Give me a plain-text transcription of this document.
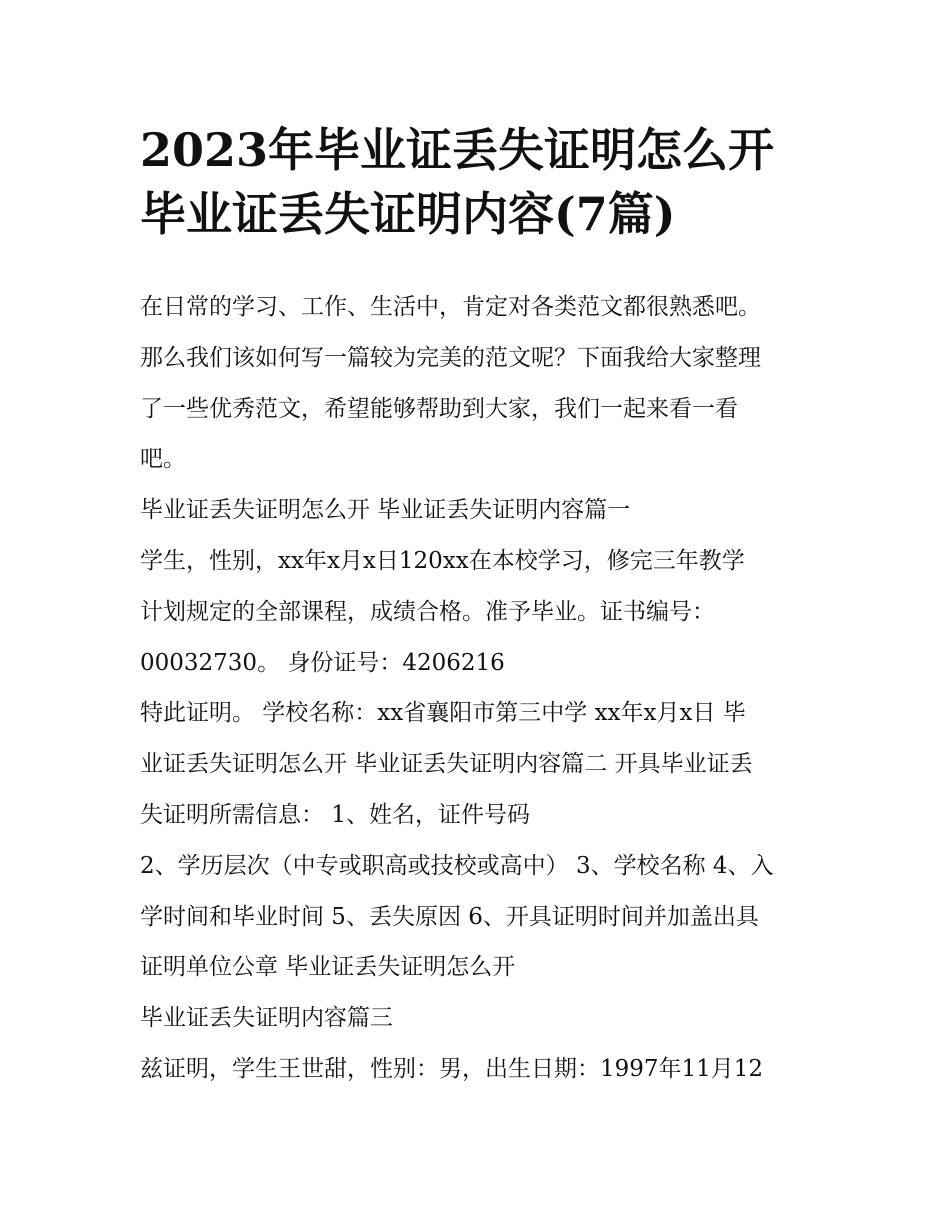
2023年毕业证丢失证明怎么开
毕业证丢失证明内容(7篇)
在日常的学习、工作、生活中，肯定对各类范文都很熟悉吧。
那么我们该如何写一篇较为完美的范文呢？下面我给大家整理
了一些优秀范文，希望能够帮助到大家，我们一起来看一看
吧。
毕业证丢失证明怎么开 毕业证丢失证明内容篇一
学生，性别，xx年x月x日120xx在本校学习，修完三年教学
计划规定的全部课程，成绩合格。准予毕业。证书编号：
00032730。 身份证号：4206216
特此证明。 学校名称：xx省襄阳市第三中学 xx年x月x日 毕
业证丢失证明怎么开 毕业证丢失证明内容篇二 开具毕业证丢
失证明所需信息： 1、姓名，证件号码
2、学历层次（中专或职高或技校或高中） 3、学校名称 4、入
学时间和毕业时间 5、丢失原因 6、开具证明时间并加盖出具
证明单位公章 毕业证丢失证明怎么开
毕业证丢失证明内容篇三
兹证明，学生王世甜，性别：男，出生日期：1997年11月12
